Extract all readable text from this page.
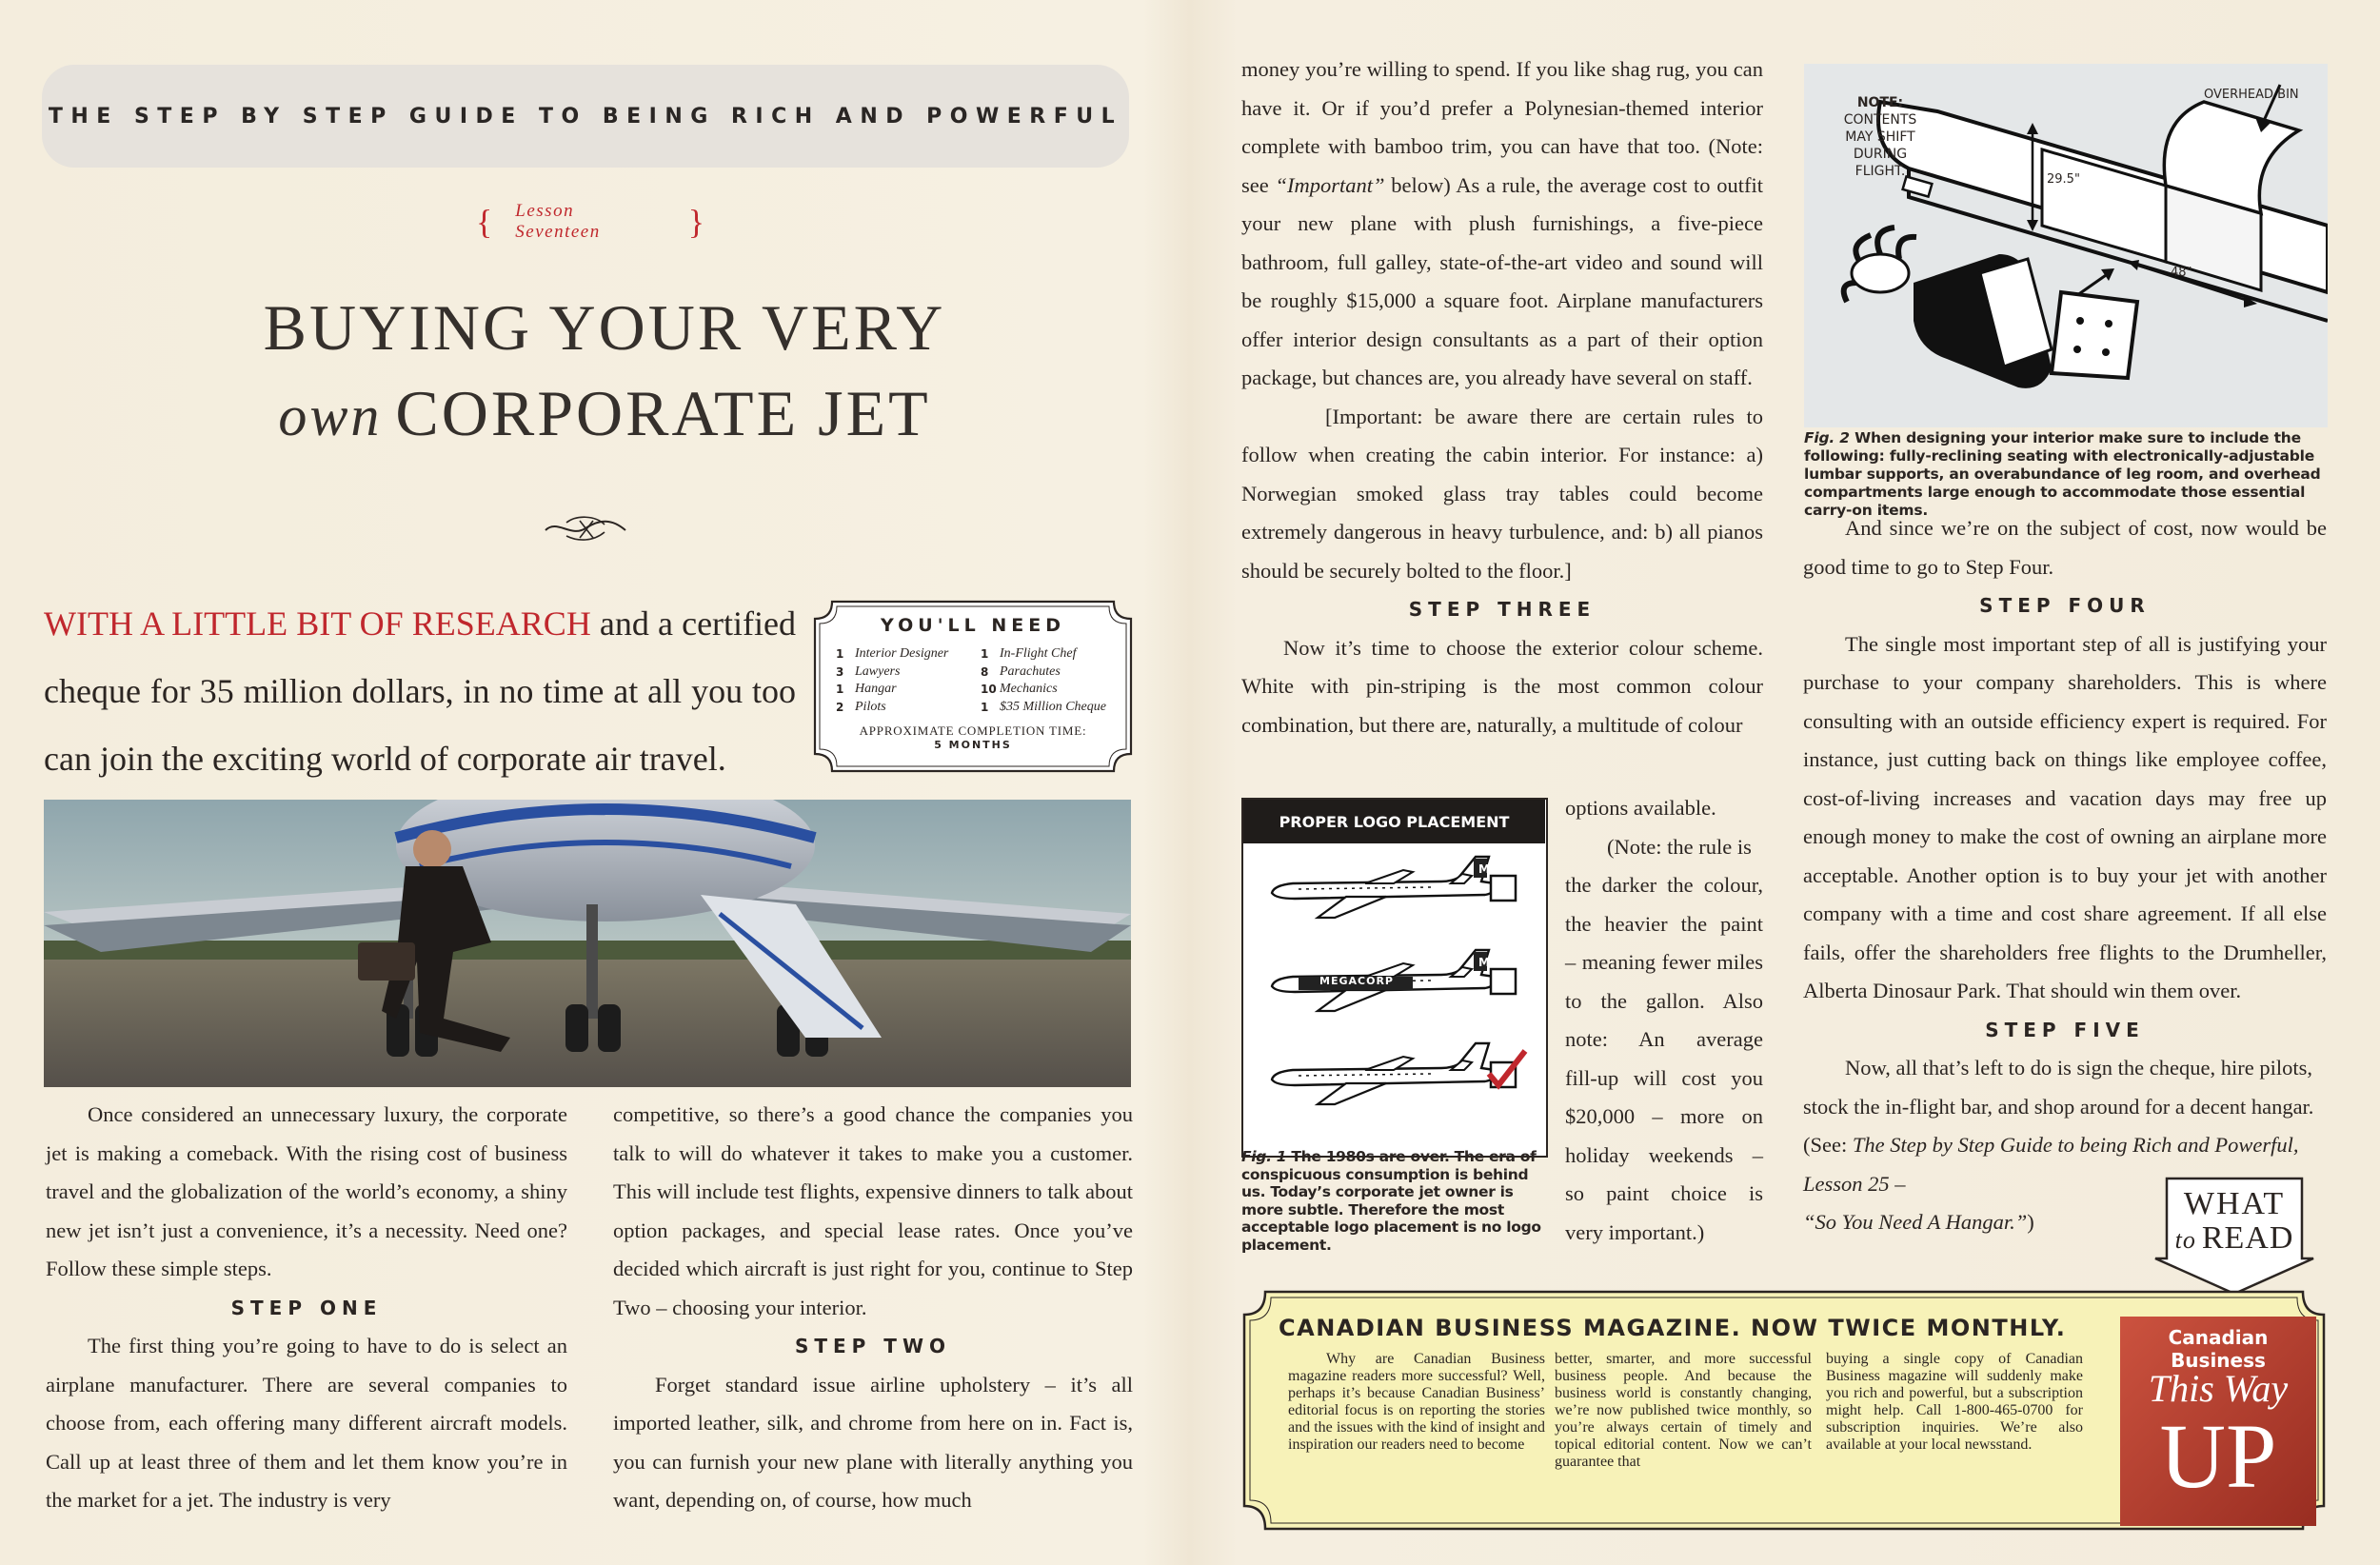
THE STEP BY STEP GUIDE TO BEING RICH AND POWERFUL
{ Lesson Seventeen	}
BUYING YOUR VERY
own CORPORATE JET
WITH A LITTLE BIT OF RESEARCH and a certified cheque for 35 million dollars, in no time at all you too can join the exciting world of corporate air travel.
YOU'LL NEED
1 Interior Designer
3 Lawyers
1 Hangar
2 Pilots
1 In-Flight Chef
8 Parachutes
10 Mechanics
1 $35 Million Cheque
APPROXIMATE COMPLETION TIME:
5 MONTHS

Once considered an unnecessary luxury, the corporate jet is making a comeback. With the rising cost of business travel and the globalization of the world’s economy, a shiny new jet isn’t just a convenience, it’s a necessity. Need one? Follow these simple steps.

STEP ONE

The first thing you’re going to have to do is select an airplane manufacturer. There are several companies to choose from, each offering many different aircraft models. Call up at least three of them and let them know you’re in the market for a jet. The industry is very

competitive, so there’s a good chance the companies you talk to will do whatever it takes to make you a customer. This will include test flights, expensive dinners to talk about option packages, and special lease rates. Once you’ve decided which aircraft is just right for you, continue to Step Two – choosing your interior.

STEP TWO

Forget standard issue airline upholstery – it’s all imported leather, silk, and chrome from here on in. Fact is, you can furnish your new plane with literally anything you want, depending on, of course, how much

money you’re willing to spend. If you like shag rug, you can have it. Or if you’d prefer a Polynesian-themed interior complete with bamboo trim, you can have that too. (Note: see “Important” below) As a rule, the average cost to outfit your new plane with plush furnishings, a five-piece bathroom, full galley, state-of-the-art video and sound will be roughly $15,000 a square foot. Airplane manufacturers offer interior design consultants as a part of their option package, but chances are, you already have several on staff.

[Important: be aware there are certain rules to follow when creating the cabin interior. For instance: a) Norwegian smoked glass tray tables could become extremely dangerous in heavy turbulence, and: b) all pianos should be securely bolted to the floor.]

STEP THREE

Now it’s time to choose the exterior colour scheme. White with pin-striping is the most common colour combination, but there are, naturally, a multitude of colour

options available.
(Note: the rule is
the darker the colour,
the heavier the paint
– meaning fewer miles
to the gallon. Also
note: An average
fill-up will cost you
$20,000 – more on
holiday weekends –
so paint choice is
very important.)
NOTE:
CONTENTS
MAY SHIFT
DURING
FLIGHT.
OVERHEAD BIN
29.5"
48"
Fig. 2 When designing your interior make sure to include the following: fully-reclining seating with electronically-adjustable lumbar supports, an overabundance of leg room, and overhead compartments large enough to accommodate those essential carry-on items.

And since we’re on the subject of cost, now would be good time to go to Step Four.

STEP FOUR

The single most important step of all is justifying your purchase to your company shareholders. This is where consulting with an outside efficiency expert is required. For instance, just cutting back on things like employee coffee, cost-of-living increases and vacation days may free up enough money to make the cost of owning an airplane more acceptable. Another option is to buy your jet with another company with a time and cost share agreement. If all else fails, offer the shareholders free flights to the Drumheller, Alberta Dinosaur Park. That should win them over.

STEP FIVE

Now, all that’s left to do is sign the cheque, hire pilots, stock the in-flight bar, and shop around for a decent hangar. (See: The Step by Step Guide to being Rich and Powerful, Lesson 25 –
“So You Need A Hangar.”)

PROPER LOGO PLACEMENT
M
M
MEGACORP
Fig. 1 The 1980s are over. The era of conspicuous consumption is behind us. Today’s corporate jet owner is more subtle. Therefore the most acceptable logo placement is no logo placement.
WHAT
to READ
CANADIAN BUSINESS MAGAZINE. NOW TWICE MONTHLY.
Why are Canadian Business magazine readers more successful? Well, perhaps it’s because Canadian Business’ editorial focus is on reporting the stories and the issues with the kind of insight and inspiration our readers need to become
better, smarter, and more successful business people. And because the business world is constantly changing, we’re now published twice monthly, so you’re always certain of timely and topical editorial content. Now we can’t guarantee that
buying a single copy of Canadian Business magazine will suddenly make you rich and powerful, but a subscription might help. Call 1-800-465-0700 for subscription inquiries. We’re also available at your local newsstand.
Canadian Business
This Way
UP
